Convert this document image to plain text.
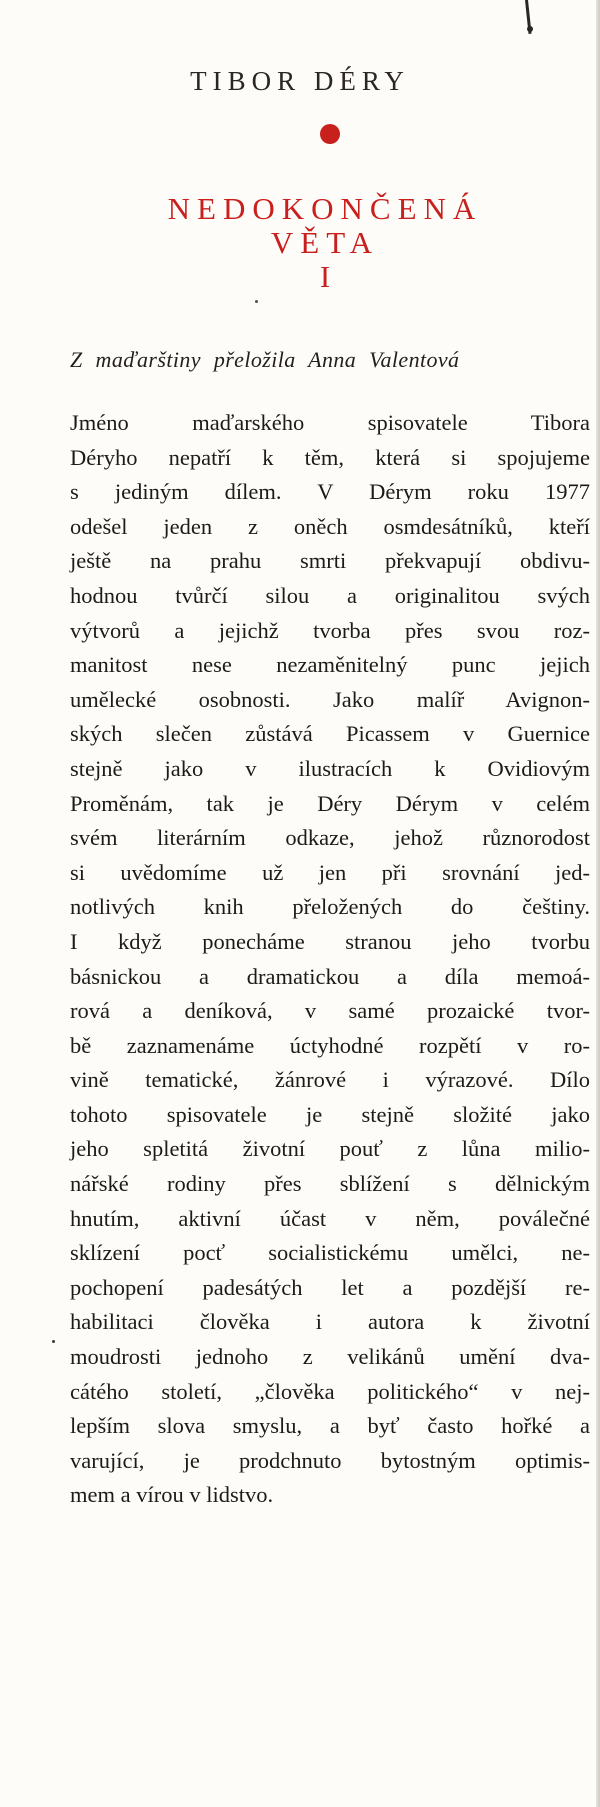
TIBOR DÉRY
NEDOKONČENÁ
VĚTA
I
Z maďarštiny přeložila Anna Valentová
Jméno maďarského spisovatele Tibora
Déryho nepatří k těm, která si spojujeme
s jediným dílem. V Dérym roku 1977
odešel jeden z oněch osmdesátníků, kteří
ještě na prahu smrti překvapují obdivu-
hodnou tvůrčí silou a originalitou svých
výtvorů a jejichž tvorba přes svou roz-
manitost nese nezaměnitelný punc jejich
umělecké osobnosti. Jako malíř Avignon-
ských slečen zůstává Picassem v Guernice
stejně jako v ilustracích k Ovidiovým
Proměnám, tak je Déry Dérym v celém
svém literárním odkaze, jehož různorodost
si uvědomíme už jen při srovnání jed-
notlivých knih přeložených do češtiny.
I když ponecháme stranou jeho tvorbu
básnickou a dramatickou a díla memoá-
rová a deníková, v samé prozaické tvor-
bě zaznamenáme úctyhodné rozpětí v ro-
vině tematické, žánrové i výrazové. Dílo
tohoto spisovatele je stejně složité jako
jeho spletitá životní pouť z lůna milio-
nářské rodiny přes sblížení s dělnickým
hnutím, aktivní účast v něm, poválečné
sklízení pocť socialistickému umělci, ne-
pochopení padesátých let a pozdější re-
habilitaci člověka i autora k životní
moudrosti jednoho z velikánů umění dva-
cátého století, „člověka politického“ v nej-
lepším slova smyslu, a byť často hořké a
varující, je prodchnuto bytostným optimis-
mem a vírou v lidstvo.
